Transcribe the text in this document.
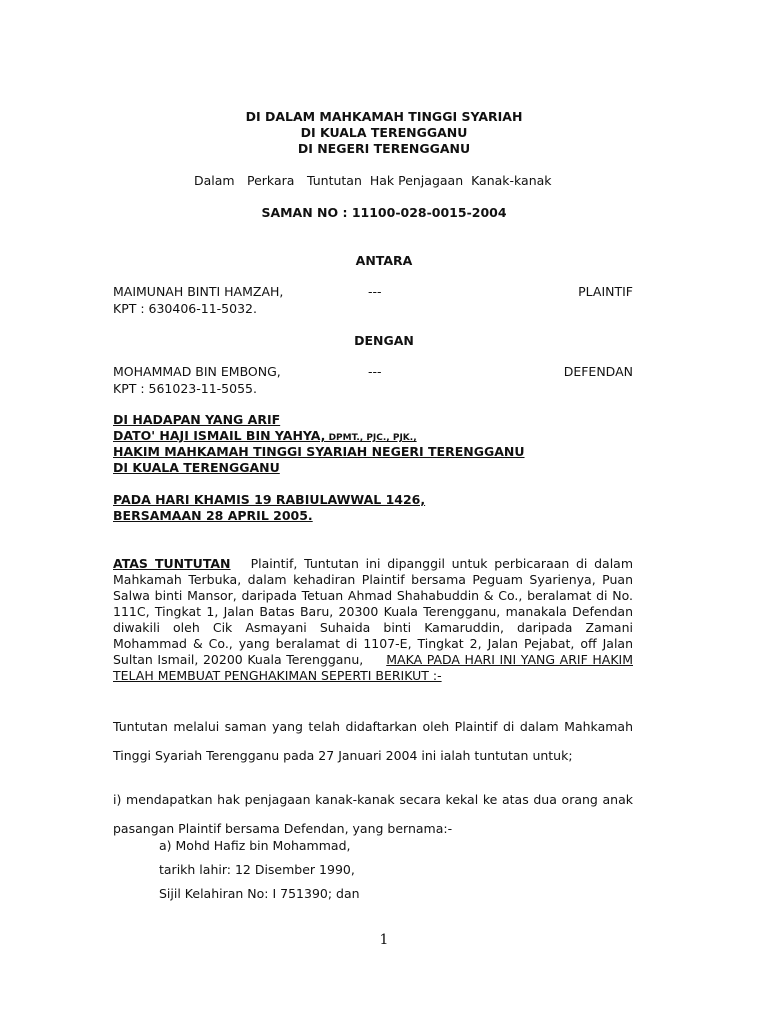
DI DALAM MAHKAMAH TINGGI SYARIAH
DI KUALA TERENGGANU
DI NEGERI TERENGGANU
Dalam Perkara Tuntutan  Hak Penjagaan  Kanak-kanak
SAMAN NO : 11100-028-0015-2004
ANTARA
MAIMUNAH BINTI HAMZAH,	---	PLAINTIF
KPT : 630406-11-5032.
DENGAN
MOHAMMAD BIN EMBONG,	---	DEFENDAN
KPT : 561023-11-5055.
DI HADAPAN YANG ARIF
DATO' HAJI ISMAIL BIN YAHYA, DPMT., PJC., PJK.,
HAKIM MAHKAMAH TINGGI SYARIAH NEGERI TERENGGANU
DI KUALA TERENGGANU
PADA HARI KHAMIS 19 RABIULAWWAL 1426,
BERSAMAAN 28 APRIL 2005.
ATAS TUNTUTAN Plaintif, Tuntutan ini dipanggil untuk perbicaraan di dalam Mahkamah Terbuka, dalam kehadiran Plaintif bersama Peguam Syarienya, Puan Salwa binti Mansor, daripada Tetuan Ahmad Shahabuddin & Co., beralamat di No. 111C, Tingkat 1, Jalan Batas Baru, 20300 Kuala Terengganu, manakala Defendan diwakili oleh Cik Asmayani Suhaida binti Kamaruddin, daripada Zamani Mohammad & Co., yang beralamat di 1107-E, Tingkat 2, Jalan Pejabat, off Jalan Sultan Ismail, 20200 Kuala Terengganu, MAKA PADA HARI INI YANG ARIF HAKIM TELAH MEMBUAT PENGHAKIMAN SEPERTI BERIKUT :-
Tuntutan melalui saman yang telah didaftarkan oleh Plaintif di dalam Mahkamah Tinggi Syariah Terengganu pada 27 Januari 2004 ini ialah tuntutan untuk;
i) mendapatkan hak penjagaan kanak-kanak secara kekal ke atas dua orang anak pasangan Plaintif bersama Defendan, yang bernama:-
a) Mohd Hafiz bin Mohammad,
tarikh lahir: 12 Disember 1990,
Sijil Kelahiran No: I 751390; dan
1
